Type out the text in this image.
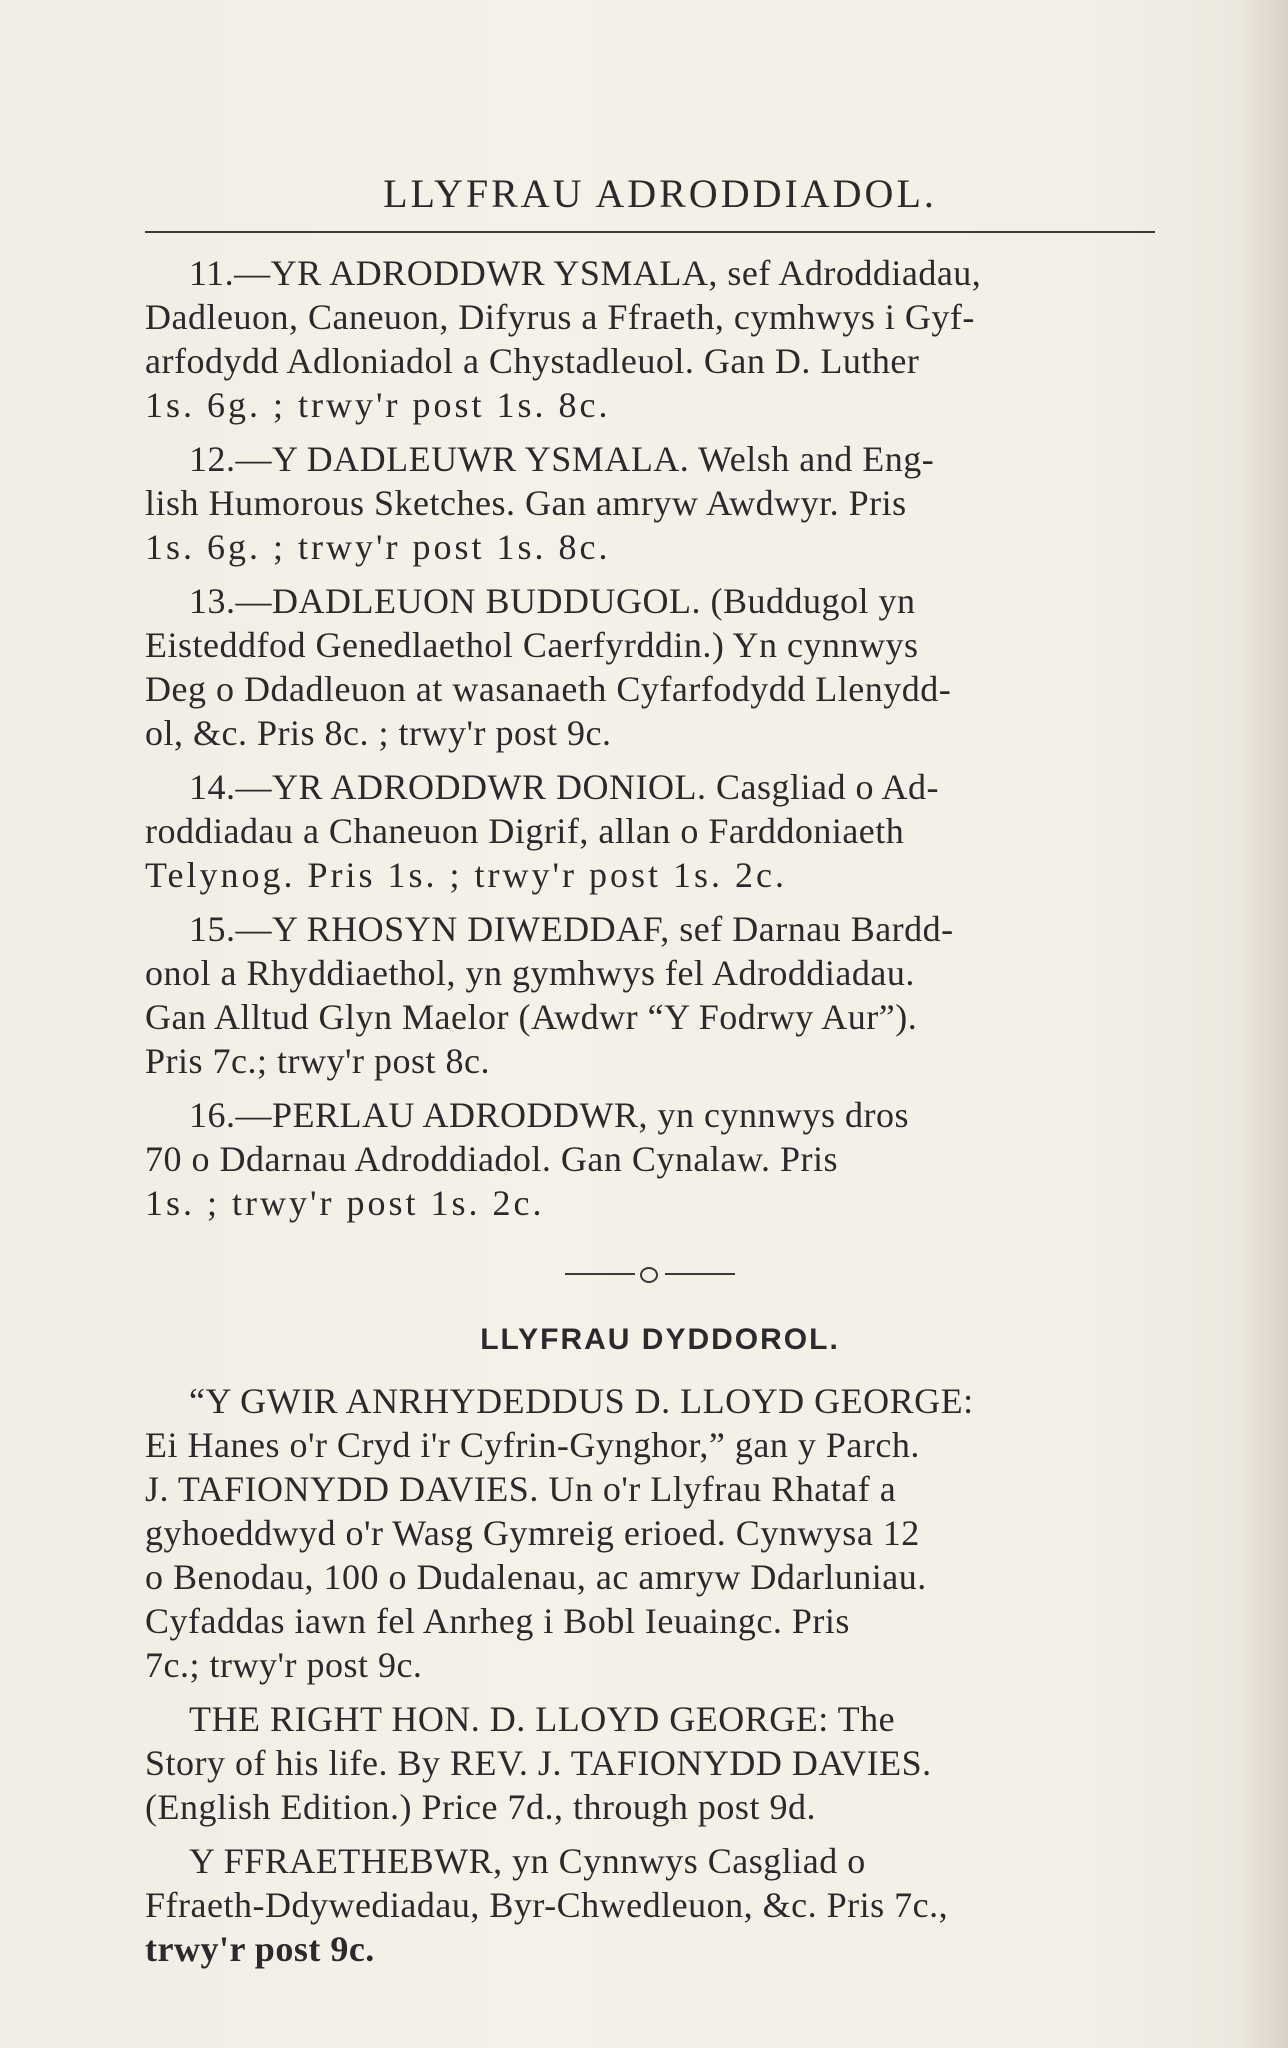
LLYFRAU ADRODDIADOL.
11.—YR ADRODDWR YSMALA, sef Adroddiadau,
Dadleuon, Caneuon, Difyrus a Ffraeth, cymhwys i Gyf-
arfodydd Adloniadol a Chystadleuol. Gan D. Luther
1s. 6g. ; trwy'r post 1s. 8c.
12.—Y DADLEUWR YSMALA. Welsh and Eng-
lish Humorous Sketches. Gan amryw Awdwyr. Pris
1s. 6g. ; trwy'r post 1s. 8c.
13.—DADLEUON BUDDUGOL. (Buddugol yn
Eisteddfod Genedlaethol Caerfyrddin.) Yn cynnwys
Deg o Ddadleuon at wasanaeth Cyfarfodydd Llenydd-
ol, &c. Pris 8c. ; trwy'r post 9c.
14.—YR ADRODDWR DONIOL. Casgliad o Ad-
roddiadau a Chaneuon Digrif, allan o Farddoniaeth
Telynog. Pris 1s. ; trwy'r post 1s. 2c.
15.—Y RHOSYN DIWEDDAF, sef Darnau Bardd-
onol a Rhyddiaethol, yn gymhwys fel Adroddiadau.
Gan Alltud Glyn Maelor (Awdwr “Y Fodrwy Aur”).
Pris 7c.; trwy'r post 8c.
16.—PERLAU ADRODDWR, yn cynnwys dros
70 o Ddarnau Adroddiadol. Gan Cynalaw. Pris
1s. ; trwy'r post 1s. 2c.
LLYFRAU DYDDOROL.
“Y GWIR ANRHYDEDDUS D. LLOYD GEORGE:
Ei Hanes o'r Cryd i'r Cyfrin-Gynghor,” gan y Parch.
J. TAFIONYDD DAVIES. Un o'r Llyfrau Rhataf a
gyhoeddwyd o'r Wasg Gymreig erioed. Cynwysa 12
o Benodau, 100 o Dudalenau, ac amryw Ddarluniau.
Cyfaddas iawn fel Anrheg i Bobl Ieuaingc. Pris
7c.; trwy'r post 9c.
THE RIGHT HON. D. LLOYD GEORGE: The
Story of his life. By REV. J. TAFIONYDD DAVIES.
(English Edition.) Price 7d., through post 9d.
Y FFRAETHEBWR, yn Cynnwys Casgliad o
Ffraeth-Ddywediadau, Byr-Chwedleuon, &c. Pris 7c.,
trwy'r post 9c.
